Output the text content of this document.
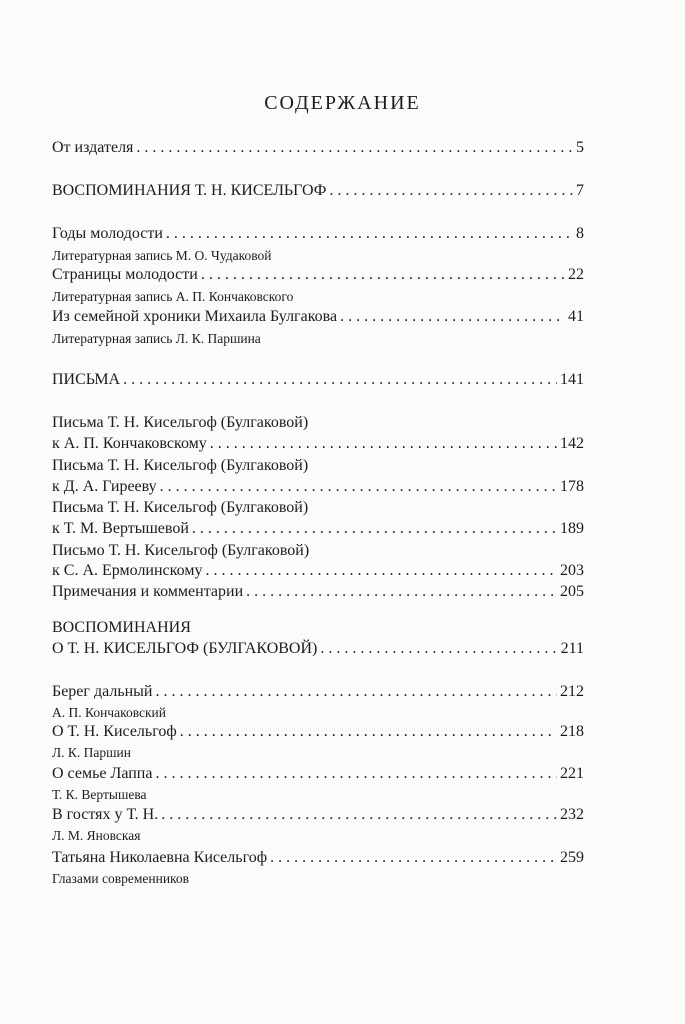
СОДЕРЖАНИЕ
От издателя . . .	5
ВОСПОМИНАНИЯ Т. Н. КИСЕЛЬГОФ . . .	7
Годы молодости . . .	8
Литературная запись М. О. Чудаковой
Страницы молодости . . .	22
Литературная запись А. П. Кончаковского
Из семейной хроники Михаила Булгакова . . .	41
Литературная запись Л. К. Паршина
ПИСЬМА . . .	141
Письма Т. Н. Кисельгоф (Булгаковой)
к А. П. Кончаковскому . . .	142
Письма Т. Н. Кисельгоф (Булгаковой)
к Д. А. Гирееву . . .	178
Письма Т. Н. Кисельгоф (Булгаковой)
к Т. М. Вертышевой . . .	189
Письмо Т. Н. Кисельгоф (Булгаковой)
к С. А. Ермолинскому . . .	203
Примечания и комментарии . . .	205
ВОСПОМИНАНИЯ
О Т. Н. КИСЕЛЬГОФ (БУЛГАКОВОЙ) . . .	211
Берег дальный . . .	212
А. П. Кончаковский
О Т. Н. Кисельгоф . . .	218
Л. К. Паршин
О семье Лаппа . . .	221
Т. К. Вертышева
В гостях у Т. Н. . . .	232
Л. М. Яновская
Татьяна Николаевна Кисельгоф . . .	259
Глазами современников
